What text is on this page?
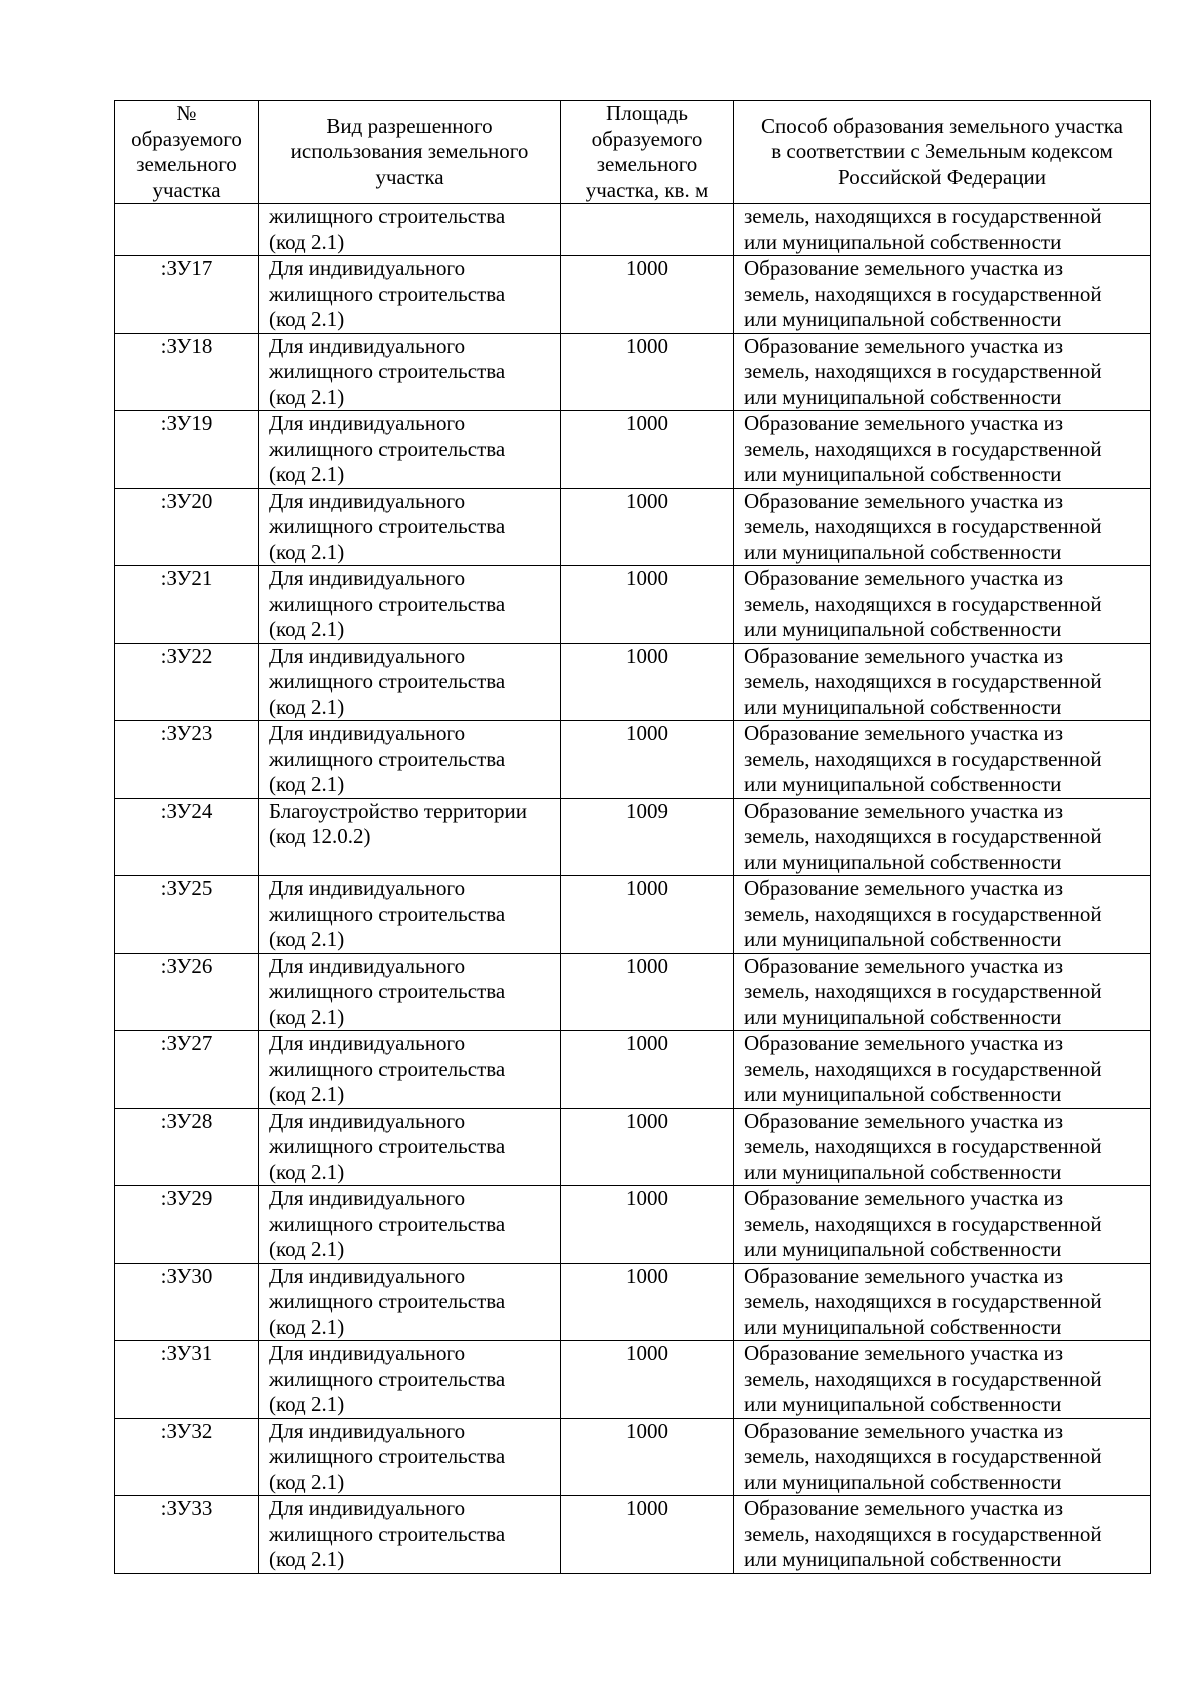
№
образуемого
земельного
участка	Вид разрешенного
использования земельного
участка	Площадь
образуемого
земельного
участка, кв. м	Способ образования земельного участка
в соответствии с Земельным кодексом
Российской Федерации

	жилищного строительства
(код 2.1)		земель, находящихся в государственной
или муниципальной собственности

:ЗУ17	Для индивидуального
жилищного строительства
(код 2.1)	1000	Образование земельного участка из
земель, находящихся в государственной
или муниципальной собственности

:ЗУ18	Для индивидуального
жилищного строительства
(код 2.1)	1000	Образование земельного участка из
земель, находящихся в государственной
или муниципальной собственности

:ЗУ19	Для индивидуального
жилищного строительства
(код 2.1)	1000	Образование земельного участка из
земель, находящихся в государственной
или муниципальной собственности

:ЗУ20	Для индивидуального
жилищного строительства
(код 2.1)	1000	Образование земельного участка из
земель, находящихся в государственной
или муниципальной собственности

:ЗУ21	Для индивидуального
жилищного строительства
(код 2.1)	1000	Образование земельного участка из
земель, находящихся в государственной
или муниципальной собственности

:ЗУ22	Для индивидуального
жилищного строительства
(код 2.1)	1000	Образование земельного участка из
земель, находящихся в государственной
или муниципальной собственности

:ЗУ23	Для индивидуального
жилищного строительства
(код 2.1)	1000	Образование земельного участка из
земель, находящихся в государственной
или муниципальной собственности

:ЗУ24	Благоустройство территории
(код 12.0.2)	1009	Образование земельного участка из
земель, находящихся в государственной
или муниципальной собственности

:ЗУ25	Для индивидуального
жилищного строительства
(код 2.1)	1000	Образование земельного участка из
земель, находящихся в государственной
или муниципальной собственности

:ЗУ26	Для индивидуального
жилищного строительства
(код 2.1)	1000	Образование земельного участка из
земель, находящихся в государственной
или муниципальной собственности

:ЗУ27	Для индивидуального
жилищного строительства
(код 2.1)	1000	Образование земельного участка из
земель, находящихся в государственной
или муниципальной собственности

:ЗУ28	Для индивидуального
жилищного строительства
(код 2.1)	1000	Образование земельного участка из
земель, находящихся в государственной
или муниципальной собственности

:ЗУ29	Для индивидуального
жилищного строительства
(код 2.1)	1000	Образование земельного участка из
земель, находящихся в государственной
или муниципальной собственности

:ЗУ30	Для индивидуального
жилищного строительства
(код 2.1)	1000	Образование земельного участка из
земель, находящихся в государственной
или муниципальной собственности

:ЗУ31	Для индивидуального
жилищного строительства
(код 2.1)	1000	Образование земельного участка из
земель, находящихся в государственной
или муниципальной собственности

:ЗУ32	Для индивидуального
жилищного строительства
(код 2.1)	1000	Образование земельного участка из
земель, находящихся в государственной
или муниципальной собственности

:ЗУ33	Для индивидуального
жилищного строительства
(код 2.1)	1000	Образование земельного участка из
земель, находящихся в государственной
или муниципальной собственности
